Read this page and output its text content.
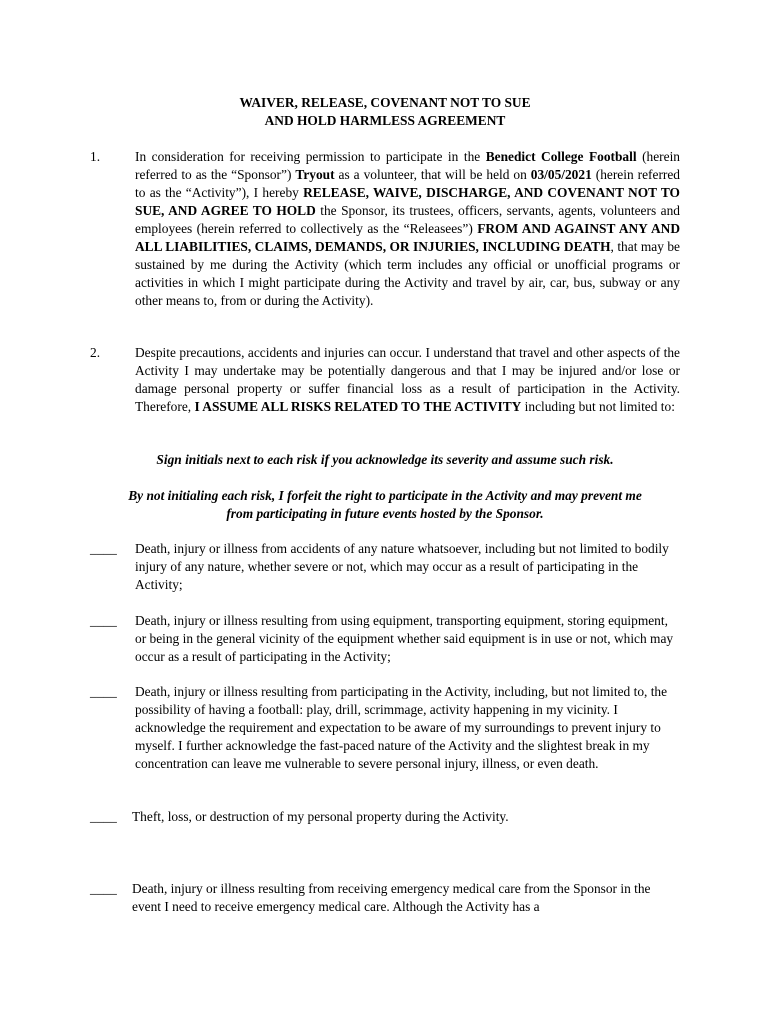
WAIVER, RELEASE, COVENANT NOT TO SUE
AND HOLD HARMLESS AGREEMENT
1.	In consideration for receiving permission to participate in the Benedict College Football (herein referred to as the “Sponsor”) Tryout as a volunteer, that will be held on 03/05/2021 (herein referred to as the “Activity”), I hereby RELEASE, WAIVE, DISCHARGE, AND COVENANT NOT TO SUE, AND AGREE TO HOLD the Sponsor, its trustees, officers, servants, agents, volunteers and employees (herein referred to collectively as the “Releasees”) FROM AND AGAINST ANY AND ALL LIABILITIES, CLAIMS, DEMANDS, OR INJURIES, INCLUDING DEATH, that may be sustained by me during the Activity (which term includes any official or unofficial programs or activities in which I might participate during the Activity and travel by air, car, bus, subway or any other means to, from or during the Activity).
2.	Despite precautions, accidents and injuries can occur. I understand that travel and other aspects of the Activity I may undertake may be potentially dangerous and that I may be injured and/or lose or damage personal property or suffer financial loss as a result of participation in the Activity. Therefore, I ASSUME ALL RISKS RELATED TO THE ACTIVITY including but not limited to:
Sign initials next to each risk if you acknowledge its severity and assume such risk.
By not initialing each risk, I forfeit the right to participate in the Activity and may prevent me
from participating in future events hosted by the Sponsor.
____ Death, injury or illness from accidents of any nature whatsoever, including but not limited to bodily injury of any nature, whether severe or not, which may occur as a result of participating in the Activity;
____ Death, injury or illness resulting from using equipment, transporting equipment, storing equipment, or being in the general vicinity of the equipment whether said equipment is in use or not, which may occur as a result of participating in the Activity;
____ Death, injury or illness resulting from participating in the Activity, including, but not limited to, the possibility of having a football: play, drill, scrimmage, activity happening in my vicinity. I acknowledge the requirement and expectation to be aware of my surroundings to prevent injury to myself. I further acknowledge the fast-paced nature of the Activity and the slightest break in my concentration can leave me vulnerable to severe personal injury, illness, or even death.
____ Theft, loss, or destruction of my personal property during the Activity.
____ Death, injury or illness resulting from receiving emergency medical care from the Sponsor in the event I need to receive emergency medical care. Although the Activity has a
